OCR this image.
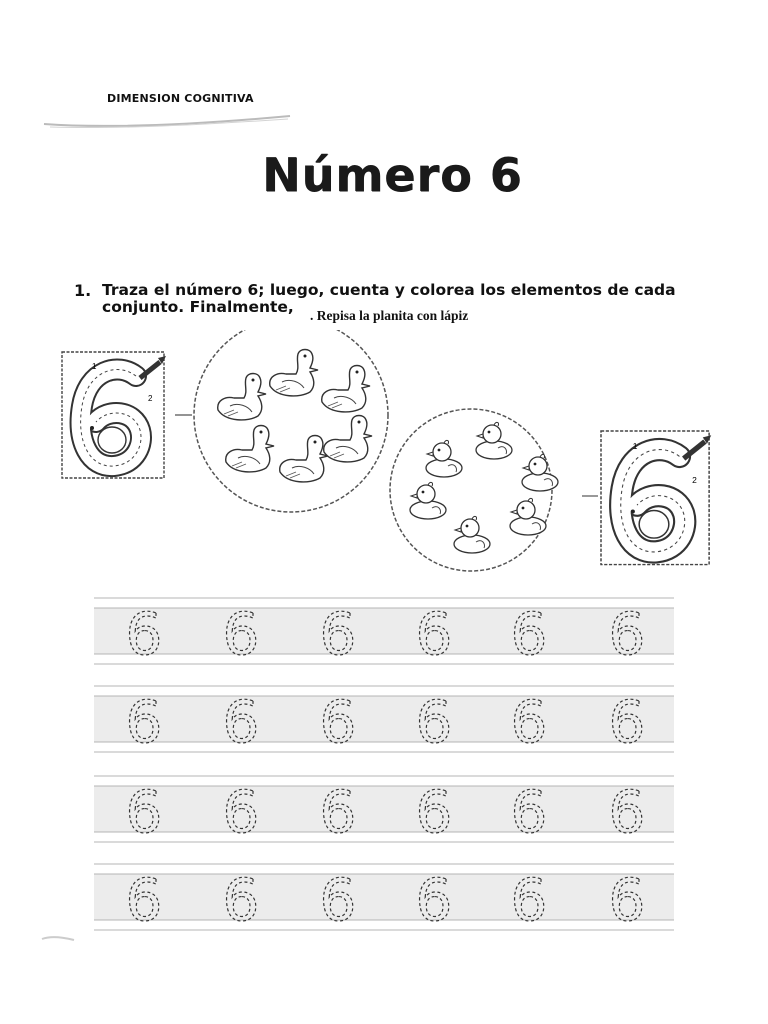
DIMENSION COGNITIVA
Número 6
1. Traza el número 6; luego, cuenta y colorea los elementos de cada
conjunto. Finalmente, . Repisa la planita con lápiz
1
2
1
2
6 6 6 6 6 6
6 6 6 6 6 6
6 6 6 6 6 6
6 6 6 6 6 6
